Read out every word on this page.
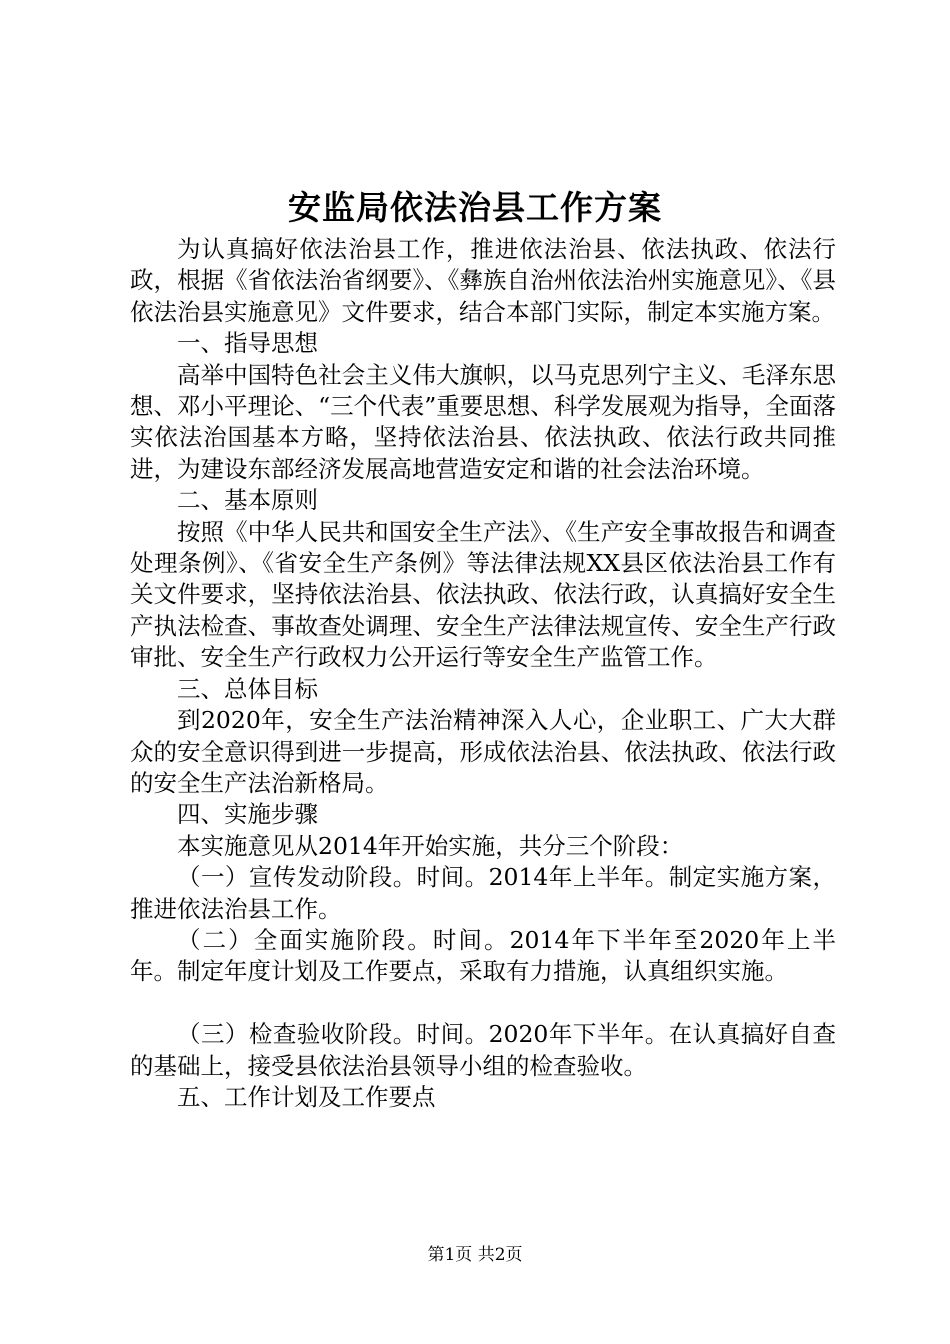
安监局依法治县工作方案

为认真搞好依法治县工作，推进依法治县、依法执政、依法行政，根据《省依法治省纲要》、《彝族自治州依法治州实施意见》、《县依法治县实施意见》文件要求，结合本部门实际，制定本实施方案。

一、指导思想

高举中国特色社会主义伟大旗帜，以马克思列宁主义、毛泽东思想、邓小平理论、“三个代表”重要思想、科学发展观为指导，全面落实依法治国基本方略，坚持依法治县、依法执政、依法行政共同推进，为建设东部经济发展高地营造安定和谐的社会法治环境。

二、基本原则

按照《中华人民共和国安全生产法》、《生产安全事故报告和调查处理条例》、《省安全生产条例》等法律法规XX县区依法治县工作有关文件要求，坚持依法治县、依法执政、依法行政，认真搞好安全生产执法检查、事故查处调理、安全生产法律法规宣传、安全生产行政审批、安全生产行政权力公开运行等安全生产监管工作。

三、总体目标

到2020年，安全生产法治精神深入人心，企业职工、广大大群众的安全意识得到进一步提高，形成依法治县、依法执政、依法行政的安全生产法治新格局。

四、实施步骤

本实施意见从2014年开始实施，共分三个阶段：

（一）宣传发动阶段。时间。2014年上半年。制定实施方案，推进依法治县工作。

（二）全面实施阶段。时间。2014年下半年至2020年上半年。制定年度计划及工作要点，采取有力措施，认真组织实施。

（三）检查验收阶段。时间。2020年下半年。在认真搞好自查的基础上，接受县依法治县领导小组的检查验收。

五、工作计划及工作要点

第1页 共2页
